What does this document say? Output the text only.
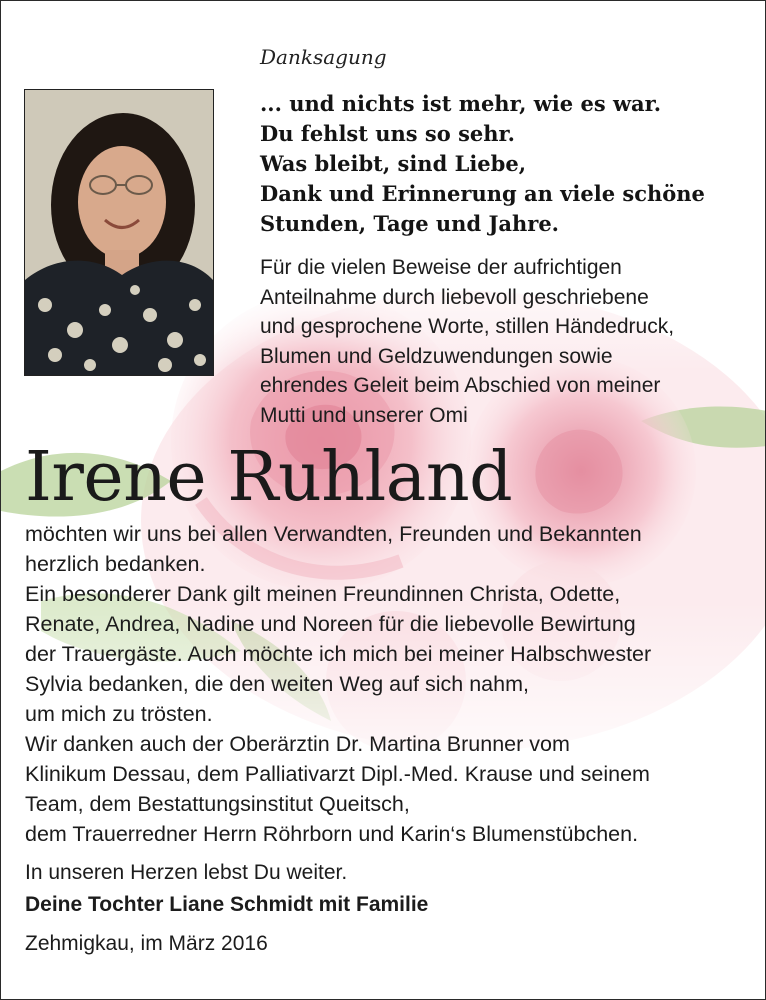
Danksagung
... und nichts ist mehr, wie es war.
Du fehlst uns so sehr.
Was bleibt, sind Liebe,
Dank und Erinnerung an viele schöne
Stunden, Tage und Jahre.
Für die vielen Beweise der aufrichtigen
Anteilnahme durch liebevoll geschriebene
und gesprochene Worte, stillen Händedruck,
Blumen und Geldzuwendungen sowie
ehrendes Geleit beim Abschied von meiner
Mutti und unserer Omi
Irene Ruhland
möchten wir uns bei allen Verwandten, Freunden und Bekannten
herzlich bedanken.
Ein besonderer Dank gilt meinen Freundinnen Christa, Odette,
Renate, Andrea, Nadine und Noreen für die liebevolle Bewirtung
der Trauergäste. Auch möchte ich mich bei meiner Halbschwester
Sylvia bedanken, die den weiten Weg auf sich nahm,
um mich zu trösten.
Wir danken auch der Oberärztin Dr. Martina Brunner vom
Klinikum Dessau, dem Palliativarzt Dipl.-Med. Krause und seinem
Team, dem Bestattungsinstitut Queitsch,
dem Trauerredner Herrn Röhrborn und Karin‘s Blumenstübchen.
In unseren Herzen lebst Du weiter.
Deine Tochter Liane Schmidt mit Familie
Zehmigkau, im März 2016
